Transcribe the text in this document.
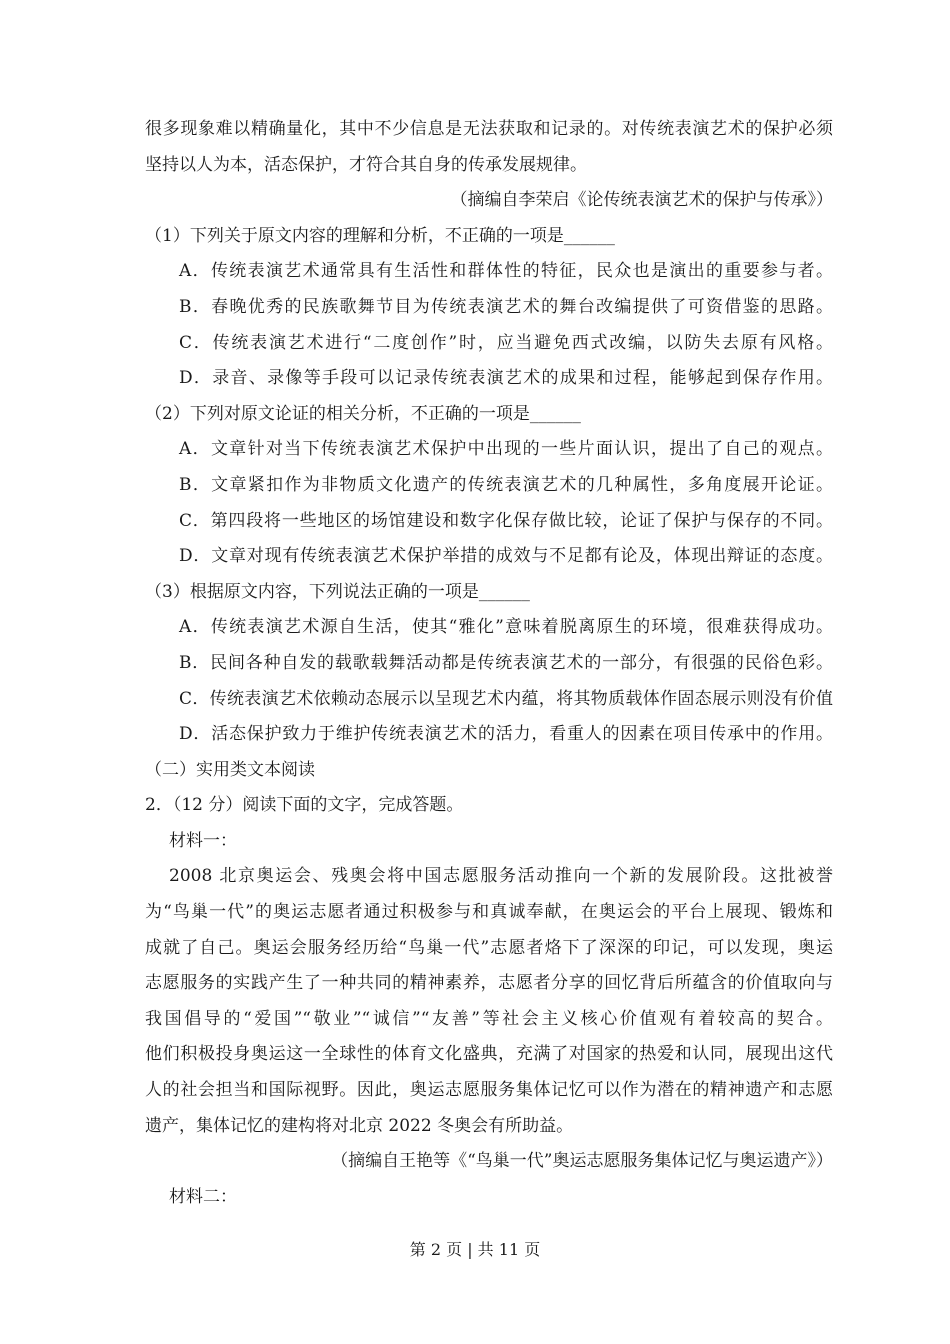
很多现象难以精确量化，其中不少信息是无法获取和记录的。对传统表演艺术的保护必须
坚持以人为本，活态保护，才符合其自身的传承发展规律。
（摘编自李荣启《论传统表演艺术的保护与传承》）
（1）下列关于原文内容的理解和分析，不正确的一项是______
A．传统表演艺术通常具有生活性和群体性的特征，民众也是演出的重要参与者。
B．春晚优秀的民族歌舞节目为传统表演艺术的舞台改编提供了可资借鉴的思路。
C．传统表演艺术进行“二度创作”时，应当避免西式改编，以防失去原有风格。
D．录音、录像等手段可以记录传统表演艺术的成果和过程，能够起到保存作用。
（2）下列对原文论证的相关分析，不正确的一项是______
A．文章针对当下传统表演艺术保护中出现的一些片面认识，提出了自己的观点。
B．文章紧扣作为非物质文化遗产的传统表演艺术的几种属性，多角度展开论证。
C．第四段将一些地区的场馆建设和数字化保存做比较，论证了保护与保存的不同。
D．文章对现有传统表演艺术保护举措的成效与不足都有论及，体现出辩证的态度。
（3）根据原文内容，下列说法正确的一项是______
A．传统表演艺术源自生活，使其“雅化”意味着脱离原生的环境，很难获得成功。
B．民间各种自发的载歌载舞活动都是传统表演艺术的一部分，有很强的民俗色彩。
C．传统表演艺术依赖动态展示以呈现艺术内蕴，将其物质载体作固态展示则没有价值
D．活态保护致力于维护传统表演艺术的活力，看重人的因素在项目传承中的作用。
（二）实用类文本阅读
2．（12 分）阅读下面的文字，完成答题。
材料一：
2008 北京奥运会、残奥会将中国志愿服务活动推向一个新的发展阶段。这批被誉
为“鸟巢一代”的奥运志愿者通过积极参与和真诚奉献，在奥运会的平台上展现、锻炼和
成就了自己。奥运会服务经历给“鸟巢一代”志愿者烙下了深深的印记，可以发现，奥运
志愿服务的实践产生了一种共同的精神素养，志愿者分享的回忆背后所蕴含的价值取向与
我国倡导的“爱国”“敬业”“诚信”“友善”等社会主义核心价值观有着较高的契合。
他们积极投身奥运这一全球性的体育文化盛典，充满了对国家的热爱和认同，展现出这代
人的社会担当和国际视野。因此，奥运志愿服务集体记忆可以作为潜在的精神遗产和志愿
遗产，集体记忆的建构将对北京 2022 冬奥会有所助益。
（摘编自王艳等《“鸟巢一代”奥运志愿服务集体记忆与奥运遗产》）
材料二：
第 2 页 | 共 11 页
